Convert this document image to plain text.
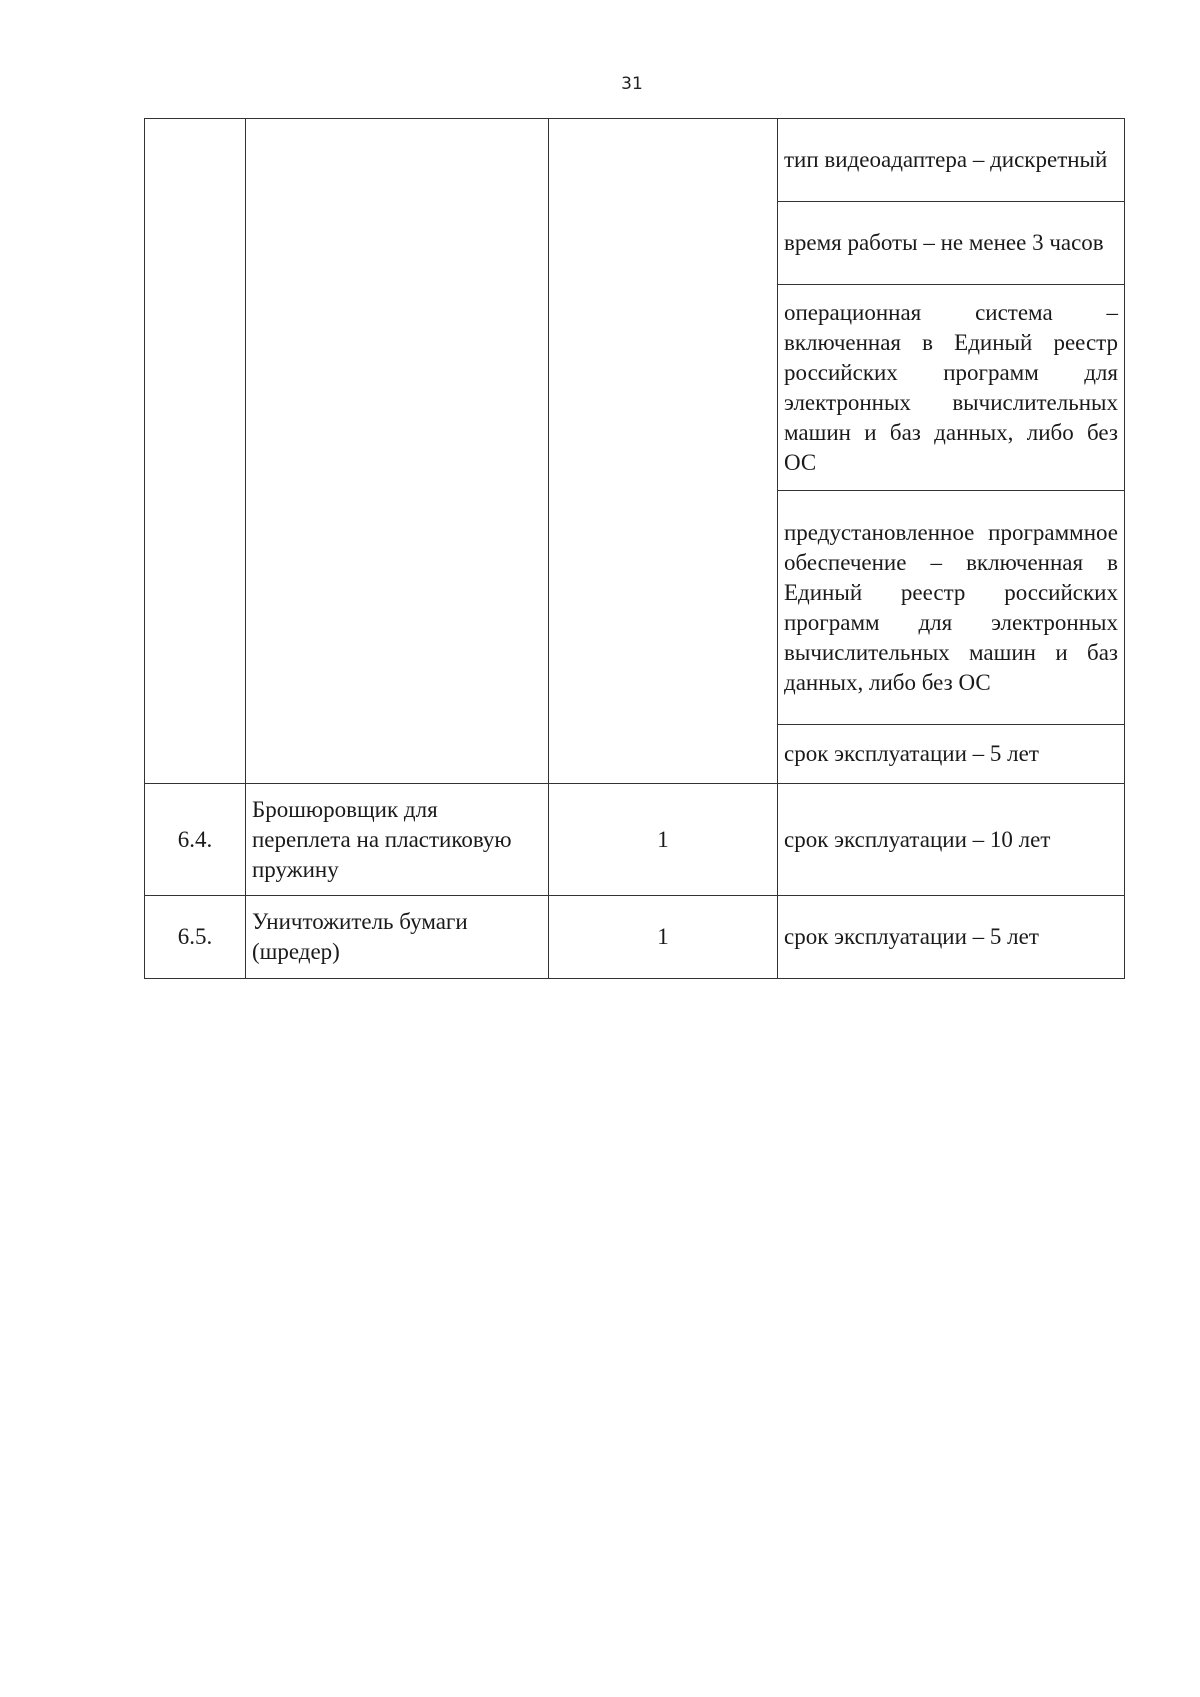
31
			тип видеоадаптера – дискретный
			время работы – не менее 3 часов
			операционная система – включенная в Единый реестр российских программ для электронных вычислительных машин и баз данных, либо без ОС
			предустановленное программное обеспечение – включенная в Единый реестр российских программ для электронных вычислительных машин и баз данных, либо без ОС
			срок эксплуатации – 5 лет
6.4.	Брошюровщик для переплета на пластиковую пружину	1	срок эксплуатации – 10 лет
6.5.	Уничтожитель бумаги (шредер)	1	срок эксплуатации – 5 лет
